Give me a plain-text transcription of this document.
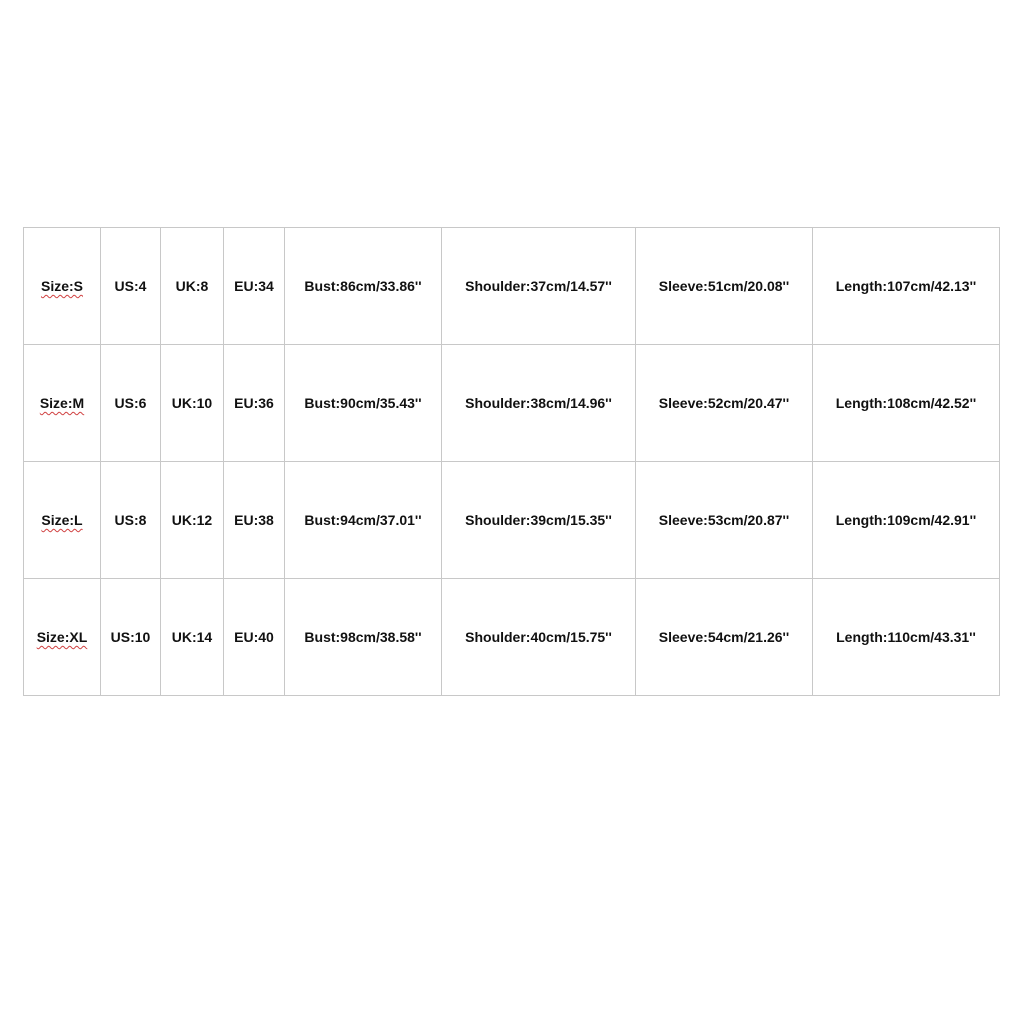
Size:S	US:4	UK:8	EU:34	Bust:86cm/33.86''	Shoulder:37cm/14.57''	Sleeve:51cm/20.08''	Length:107cm/42.13''
Size:M	US:6	UK:10	EU:36	Bust:90cm/35.43''	Shoulder:38cm/14.96''	Sleeve:52cm/20.47''	Length:108cm/42.52''
Size:L	US:8	UK:12	EU:38	Bust:94cm/37.01''	Shoulder:39cm/15.35''	Sleeve:53cm/20.87''	Length:109cm/42.91''
Size:XL	US:10	UK:14	EU:40	Bust:98cm/38.58''	Shoulder:40cm/15.75''	Sleeve:54cm/21.26''	Length:110cm/43.31''
